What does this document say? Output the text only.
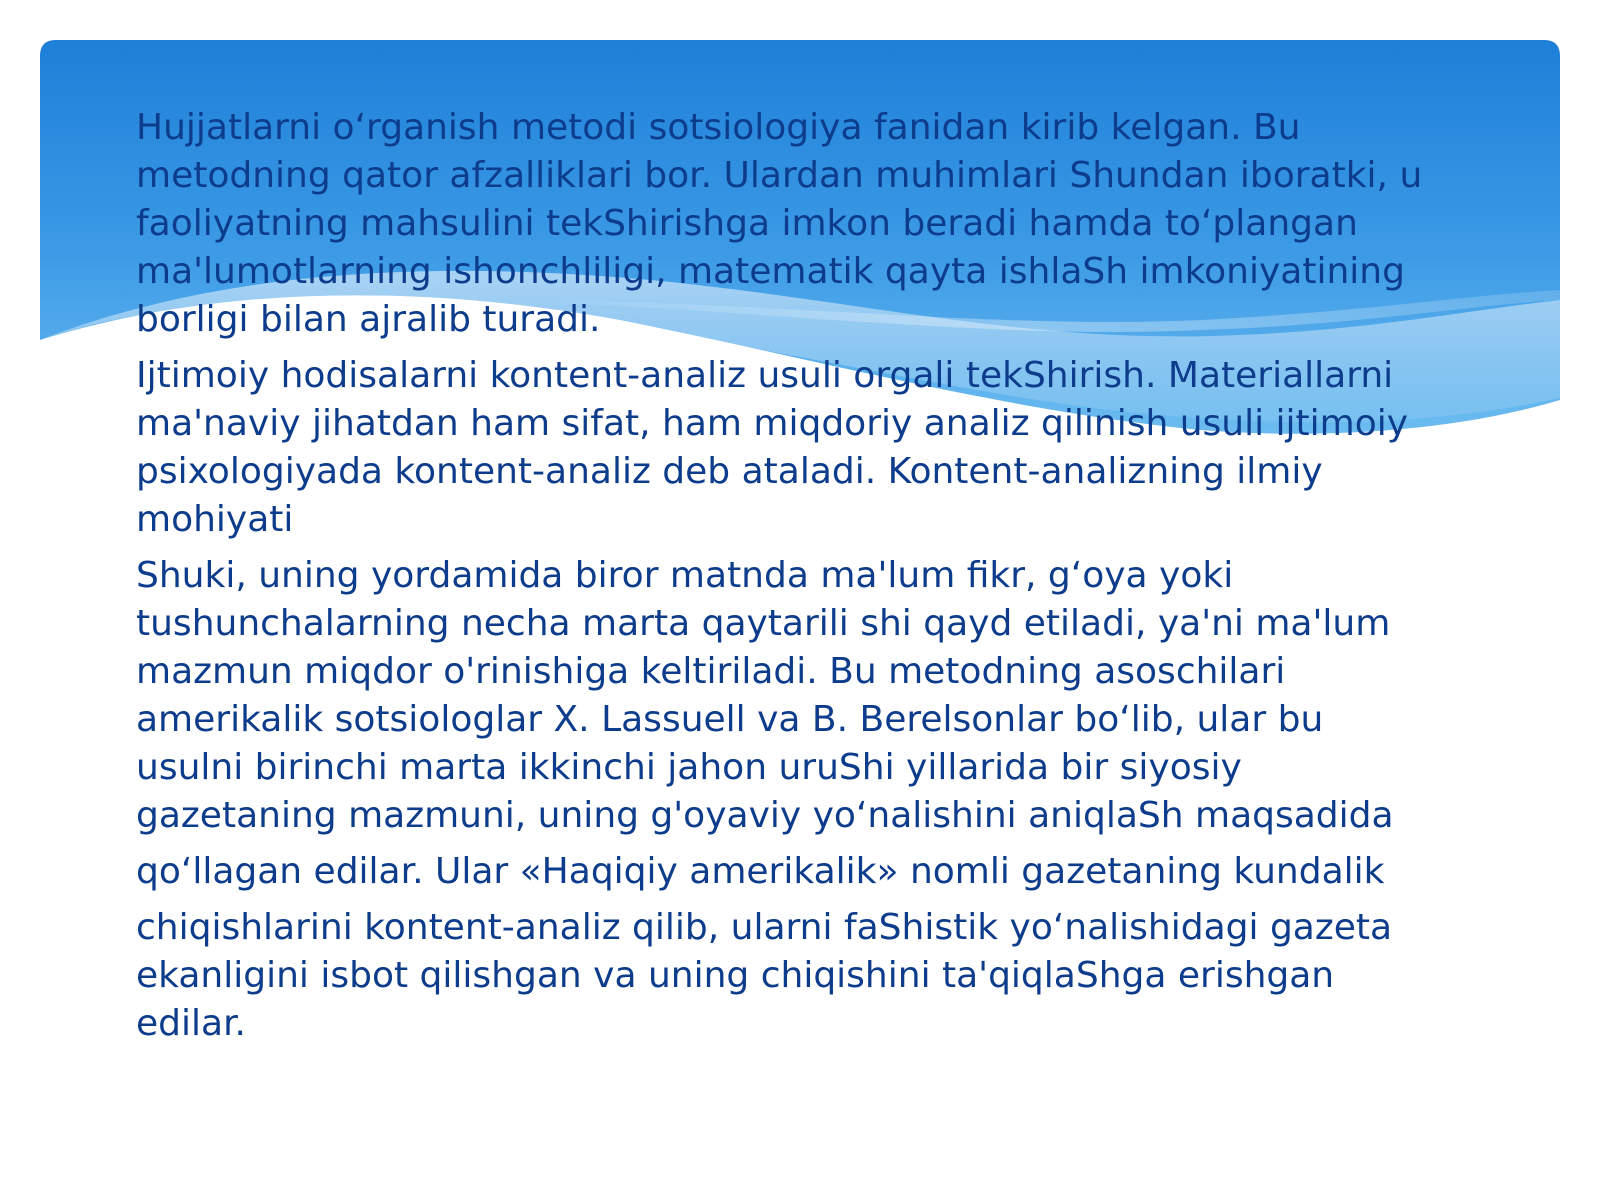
Hujjatlarni o‘rganish metodi sotsiologiya fanidan kirib kelgan. Bu metodning qator afzalliklari bor. Ulardan muhimlari Shundan iboratki, u faoliyatning mahsulini tekShirishga imkon beradi hamda to‘plangan ma'lumotlarning ishonchliligi, matematik qayta ishlaSh imkoniyatining borligi bilan ajralib turadi.

Ijtimoiy hodisalarni kontent-analiz usuli orgali tekShirish. Materiallarni ma'naviy jihatdan ham sifat, ham miqdoriy analiz qilinish usuli ijtimoiy psixologiyada kontent-analiz deb ataladi. Kontent-analizning ilmiy mohiyati

Shuki, uning yordamida biror matnda ma'lum fikr, g‘oya yoki tushunchalarning necha marta qaytarili shi qayd etiladi, ya'ni ma'lum mazmun miqdor o'rinishiga keltiriladi. Bu metodning asoschilari amerikalik sotsiologlar X. Lassuell va B. Berelsonlar bo‘lib, ular bu usulni birinchi marta ikkinchi jahon uruShi yillarida bir siyosiy gazetaning mazmuni, uning g'oyaviy yo‘nalishini aniqlaSh maqsadida

qo‘llagan edilar. Ular «Haqiqiy amerikalik» nomli gazetaning kundalik

chiqishlarini kontent-analiz qilib, ularni faShistik yo‘nalishidagi gazeta ekanligini isbot qilishgan va uning chiqishini ta'qiqlaShga erishgan edilar.
